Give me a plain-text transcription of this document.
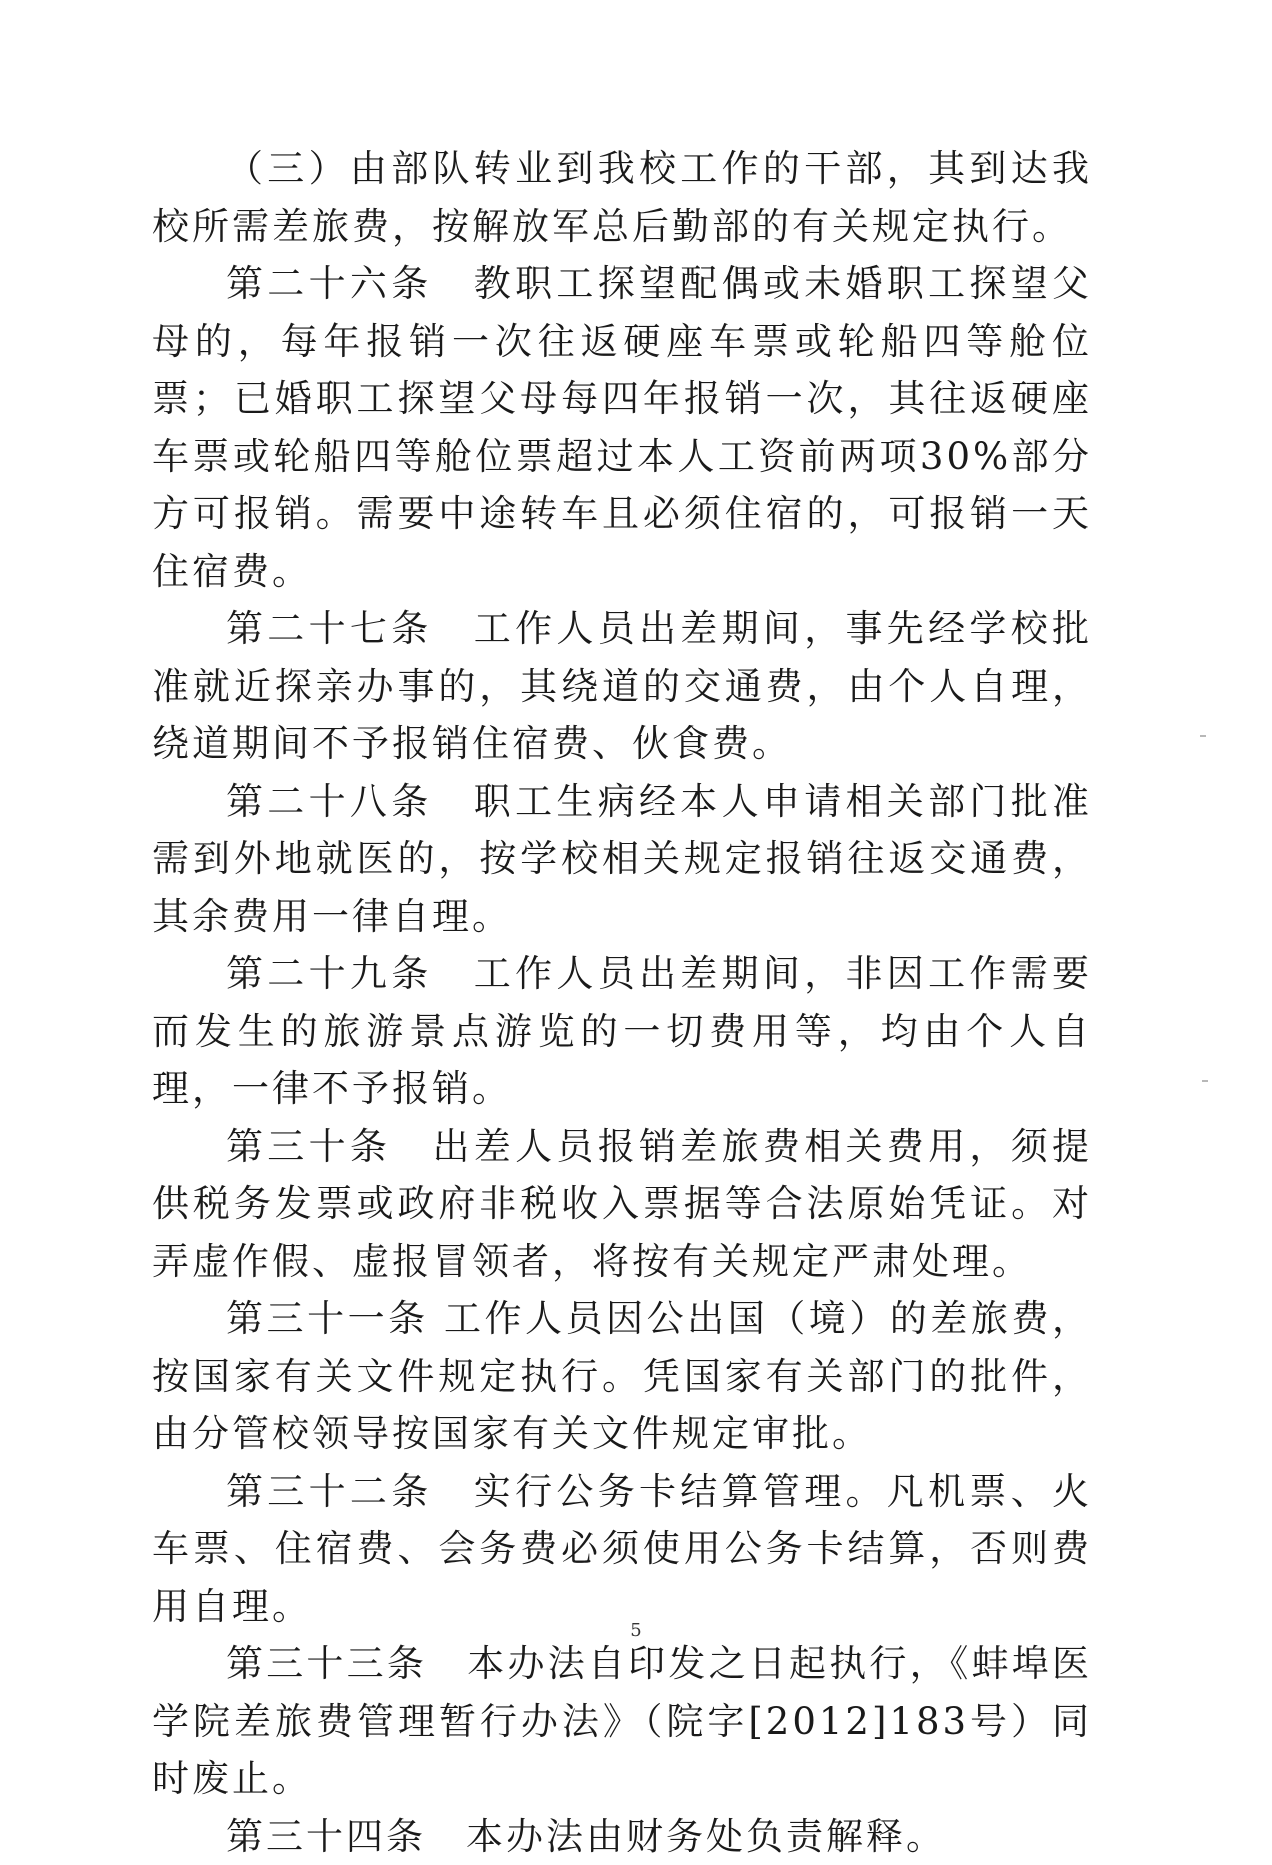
（三）由部队转业到我校工作的干部，其到达我校所需差旅费，按解放军总后勤部的有关规定执行。

第二十六条　教职工探望配偶或未婚职工探望父母的，每年报销一次往返硬座车票或轮船四等舱位票；已婚职工探望父母每四年报销一次，其往返硬座车票或轮船四等舱位票超过本人工资前两项30%部分方可报销。需要中途转车且必须住宿的，可报销一天住宿费。

第二十七条　工作人员出差期间，事先经学校批准就近探亲办事的，其绕道的交通费，由个人自理，绕道期间不予报销住宿费、伙食费。

第二十八条　职工生病经本人申请相关部门批准需到外地就医的，按学校相关规定报销往返交通费，其余费用一律自理。

第二十九条　工作人员出差期间，非因工作需要而发生的旅游景点游览的一切费用等，均由个人自理，一律不予报销。

第三十条　出差人员报销差旅费相关费用，须提供税务发票或政府非税收入票据等合法原始凭证。对弄虚作假、虚报冒领者，将按有关规定严肃处理。

第三十一条 工作人员因公出国（境）的差旅费，按国家有关文件规定执行。凭国家有关部门的批件，由分管校领导按国家有关文件规定审批。

第三十二条　实行公务卡结算管理。凡机票、火车票、住宿费、会务费必须使用公务卡结算，否则费用自理。

第三十三条　本办法自印发之日起执行，《蚌埠医学院差旅费管理暂行办法》（院字[2012]183号）同时废止。

第三十四条　本办法由财务处负责解释。

5
